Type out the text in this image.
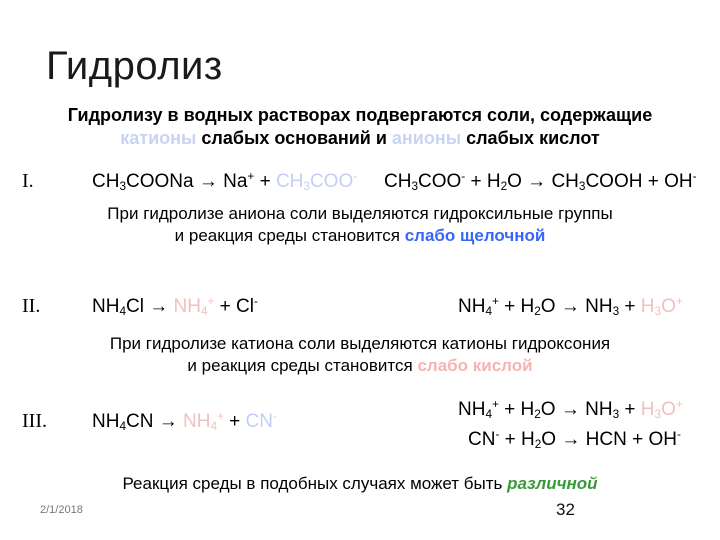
Гидролиз
Гидролизу в водных растворах подвергаются соли, содержащие
катионы слабых оснований и анионы слабых кислот
I.	$CH_3COONa \to Na^+ + CH_3COO^-$ $CH_3COO^- + H_2O$ → $CH_3COOH + OH^-$
При гидролизе аниона соли выделяются гидроксильные группы
и реакция среды становится слабо щелочной
II.	$NH_4Cl \to NH_4^+ + Cl^-$	$NH_4^+ + H_2O \to NH_3 + H_3O^+$
При гидролизе катиона соли выделяются катионы гидроксония
и реакция среды становится слабо кислой
III. $NH_4CN \to NH_4^+ + CN^-$	$NH_4^+ + H_2O \to NH_3 + H_3O^+$
$CN^- + H_2O$ → HCN + OH-
Реакция среды в подобных случаях может быть различной
2/1/2018	32
